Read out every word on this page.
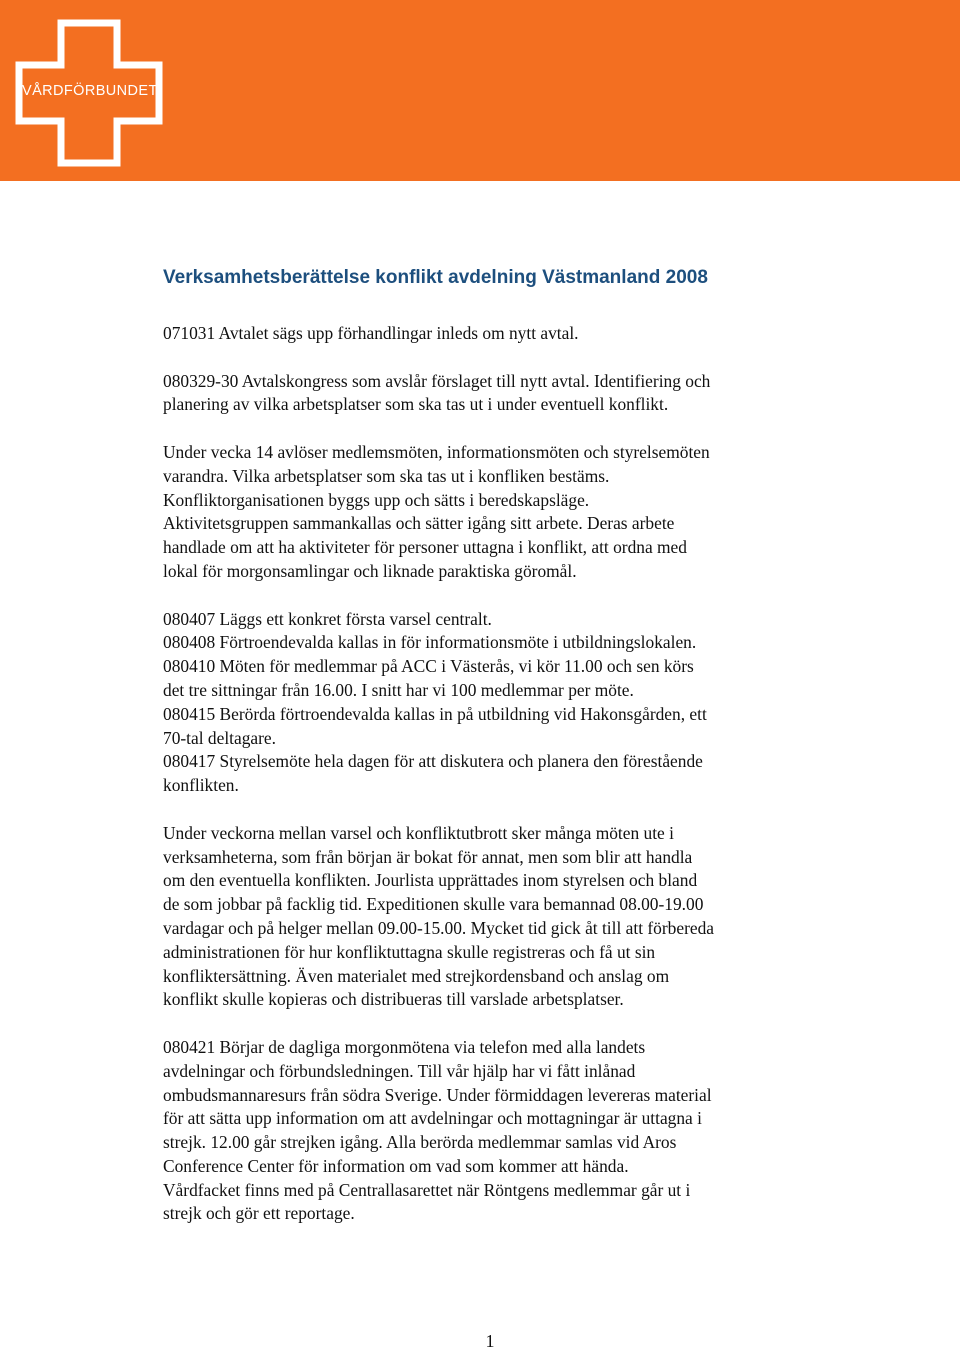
VÅRDFÖRBUNDET
Verksamhetsberättelse konflikt avdelning Västmanland 2008

071031 Avtalet sägs upp förhandlingar inleds om nytt avtal.

080329-30 Avtalskongress som avslår förslaget till nytt avtal. Identifiering och
planering av vilka arbetsplatser som ska tas ut i under eventuell konflikt.

Under vecka 14 avlöser medlemsmöten, informationsmöten och styrelsemöten
varandra. Vilka arbetsplatser som ska tas ut i konfliken bestäms.
Konfliktorganisationen byggs upp och sätts i beredskapsläge.
Aktivitetsgruppen sammankallas och sätter igång sitt arbete. Deras arbete
handlade om att ha aktiviteter för personer uttagna i konflikt, att ordna med
lokal för morgonsamlingar och liknade paraktiska göromål.

080407 Läggs ett konkret första varsel centralt.
080408 Förtroendevalda kallas in för informationsmöte i utbildningslokalen.
080410 Möten för medlemmar på ACC i Västerås, vi kör 11.00 och sen körs
det tre sittningar från 16.00. I snitt har vi 100 medlemmar per möte.
080415 Berörda förtroendevalda kallas in på utbildning vid Hakonsgården, ett
70-tal deltagare.
080417 Styrelsemöte hela dagen för att diskutera och planera den förestående
konflikten.

Under veckorna mellan varsel och konfliktutbrott sker många möten ute i
verksamheterna, som från början är bokat för annat, men som blir att handla
om den eventuella konflikten. Jourlista upprättades inom styrelsen och bland
de som jobbar på facklig tid. Expeditionen skulle vara bemannad 08.00-19.00
vardagar och på helger mellan 09.00-15.00. Mycket tid gick åt till att förbereda
administrationen för hur konfliktuttagna skulle registreras och få ut sin
konfliktersättning. Även materialet med strejkordensband och anslag om
konflikt skulle kopieras och distribueras till varslade arbetsplatser.

080421 Börjar de dagliga morgonmötena via telefon med alla landets
avdelningar och förbundsledningen. Till vår hjälp har vi fått inlånad
ombudsmannaresurs från södra Sverige. Under förmiddagen levereras material
för att sätta upp information om att avdelningar och mottagningar är uttagna i
strejk. 12.00 går strejken igång. Alla berörda medlemmar samlas vid Aros
Conference Center för information om vad som kommer att hända.
Vårdfacket finns med på Centrallasarettet när Röntgens medlemmar går ut i
strejk och gör ett reportage.

1
